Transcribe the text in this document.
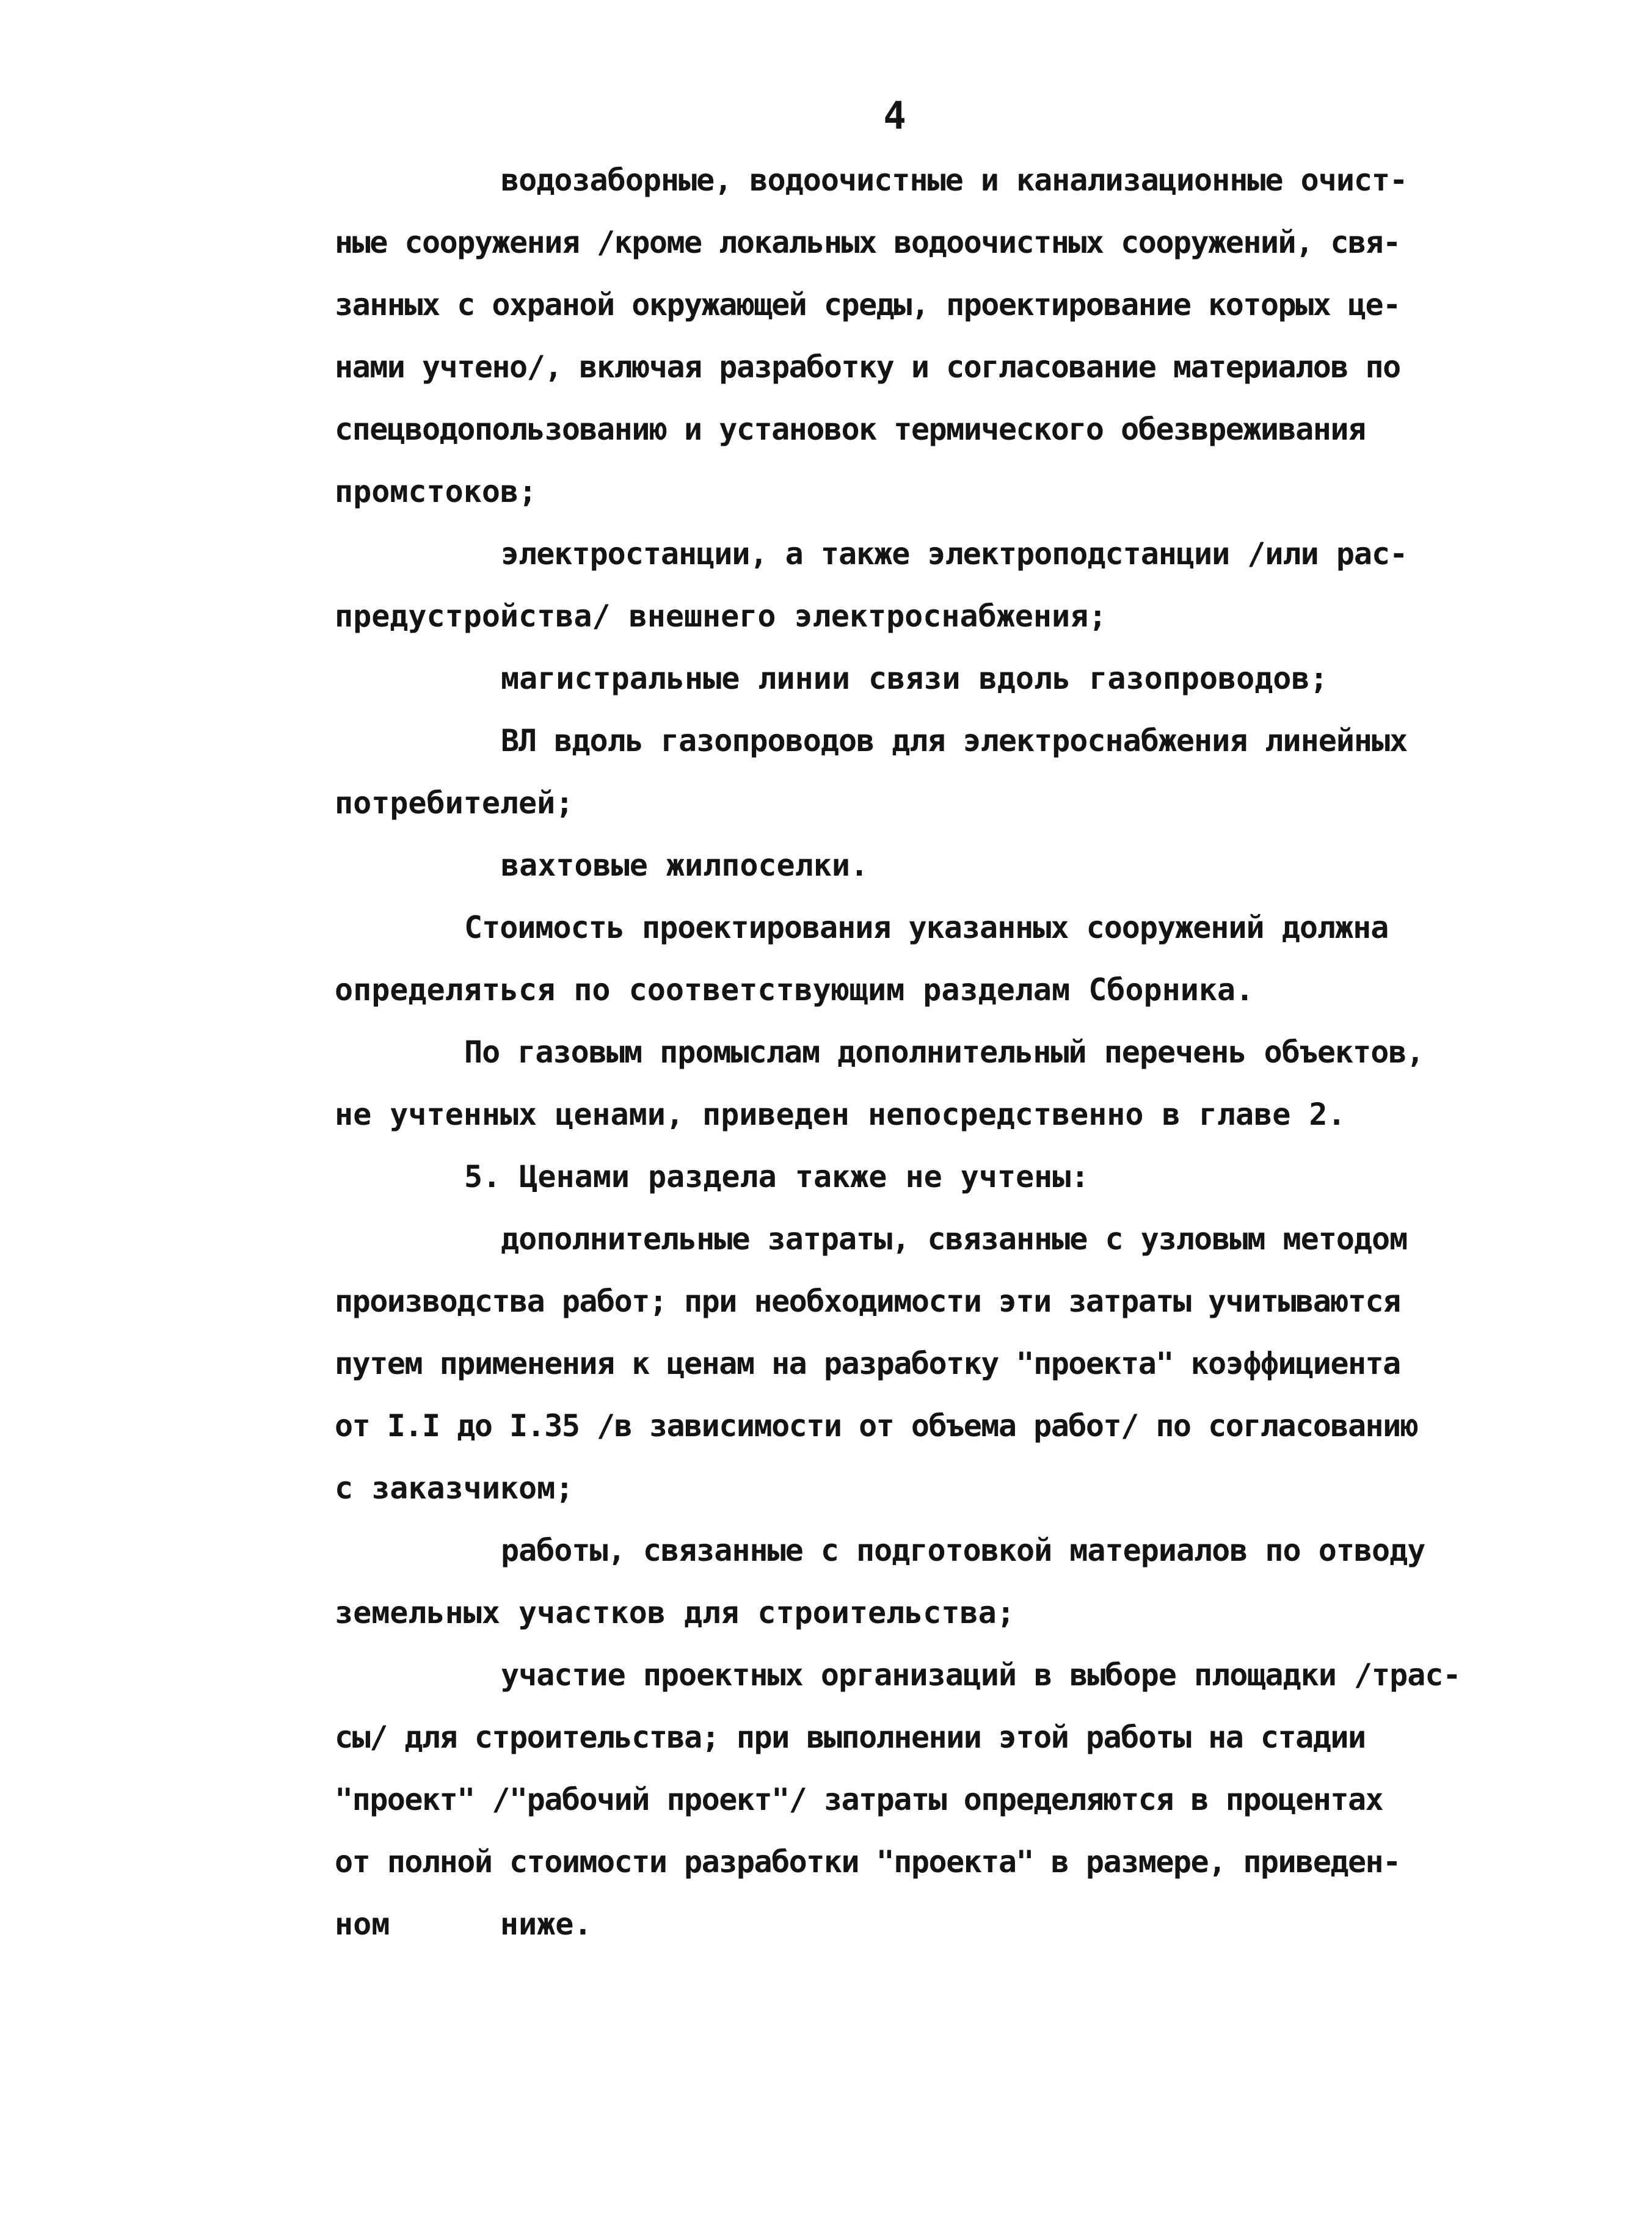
4
водозаборные, водоочистные и канализационные очист-
ные сооружения /кроме локальных водоочистных сооружений, свя-
занных с охраной окружающей среды, проектирование которых це-
нами учтено/, включая разработку и согласование материалов по
спецводопользованию и установок термического обезвреживания
промстоков;
электростанции, а также электроподстанции /или рас-
предустройства/ внешнего электроснабжения;
магистральные линии связи вдоль газопроводов;
ВЛ вдоль газопроводов для электроснабжения линейных
потребителей;
вахтовые жилпоселки.
Стоимость проектирования указанных сооружений должна
определяться по соответствующим разделам Сборника.
По газовым промыслам дополнительный перечень объектов,
не учтенных ценами, приведен непосредственно в главе 2.
5. Ценами раздела также не учтены:
дополнительные затраты, связанные с узловым методом
производства работ; при необходимости эти затраты учитываются
путем применения к ценам на разработку "проекта" коэффициента
от I.I до I.35 /в зависимости от объема работ/ по согласованию
с заказчиком;
работы, связанные с подготовкой материалов по отводу
земельных участков для строительства;
участие проектных организаций в выборе площадки /трас-
сы/ для строительства; при выполнении этой работы на стадии
"проект" /"рабочий проект"/ затраты определяются в процентах
от полной стоимости разработки "проекта" в размере, приведен-
ном      ниже.
